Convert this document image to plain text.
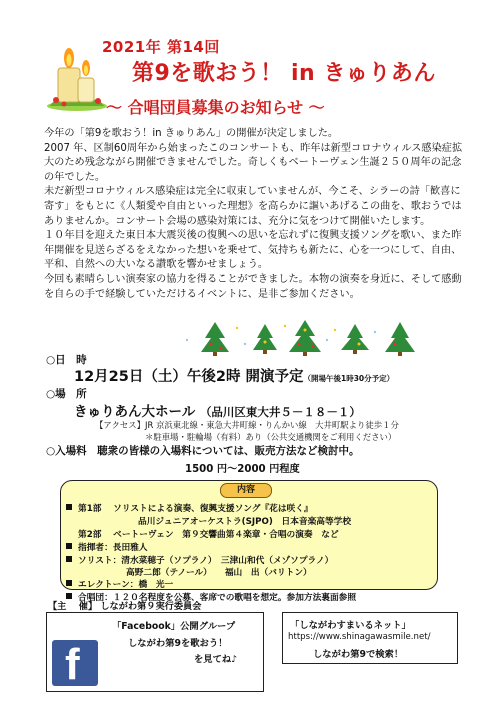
2021年 第14回
第9を歌おう！ in きゅりあん
～ 合唱団員募集のお知らせ ～

今年の「第9を歌おう！in きゅりあん」の開催が決定しました。

2007 年、区制60周年から始まったこのコンサートも、昨年は新型コロナウィルス感染症拡大のため残念ながら開催できませんでした。奇しくもベートーヴェン生誕２５０周年の記念の年でした。

未だ新型コロナウィルス感染症は完全に収束していませんが、今こそ、シラーの詩「歓喜に寄す」をもとに《人類愛や自由といった理想》を高らかに謳いあげるこの曲を、歌おうではありませんか。コンサート会場の感染対策には、充分に気をつけて開催いたします。

１０年目を迎えた東日本大震災後の復興への思いを忘れずに復興支援ソングを歌い、また昨年開催を見送らざるをえなかった想いを乗せて、気持ちも新たに、心を一つにして、自由、平和、自然への大いなる讃歌を響かせましょう。

今回も素晴らしい演奏家の協力を得ることができました。本物の演奏を身近に、そして感動を自らの手で経験していただけるイベントに、是非ご参加ください。

○日　時
12月25日（土）午後2時 開演予定（開場午後1時30分予定）
○場　所
きゅりあん大ホール （品川区東大井５－１８－１）
【アクセス】JR 京浜東北線・東急大井町線・りんかい線　大井町駅より徒歩１分
＊駐車場・駐輪場（有料）あり（公共交通機関をご利用ください）
○入場料　聴衆の皆様の入場料については、販売方法など検討中。
1500 円～2000 円程度
内容
第1部　 ソリストによる演奏、復興支援ソング『花は咲く』
品川ジュニアオーケストラ(SJPO)　日本音楽高等学校
第2部　 ベートーヴェン　第９交響曲第４楽章・合唱の演奏　など
指揮者：長田雅人
ソリスト：清水菜穂子（ソプラノ）　三津山和代（メゾソプラノ）
高野二郎（テノール）　　福山　出（バリトン）
エレクトーン：橋　光一
合唱団：１２０名程度を公募、客席での歌唱を想定。参加方法裏面参照
【主　 催】 しながわ第９実行委員会
f
「Facebook」公開グループ
しながわ第9を歌おう！
を見てね♪
「しながわすまいるネット」
https://www.shinagawasmile.net/
しながわ第9で検索！
